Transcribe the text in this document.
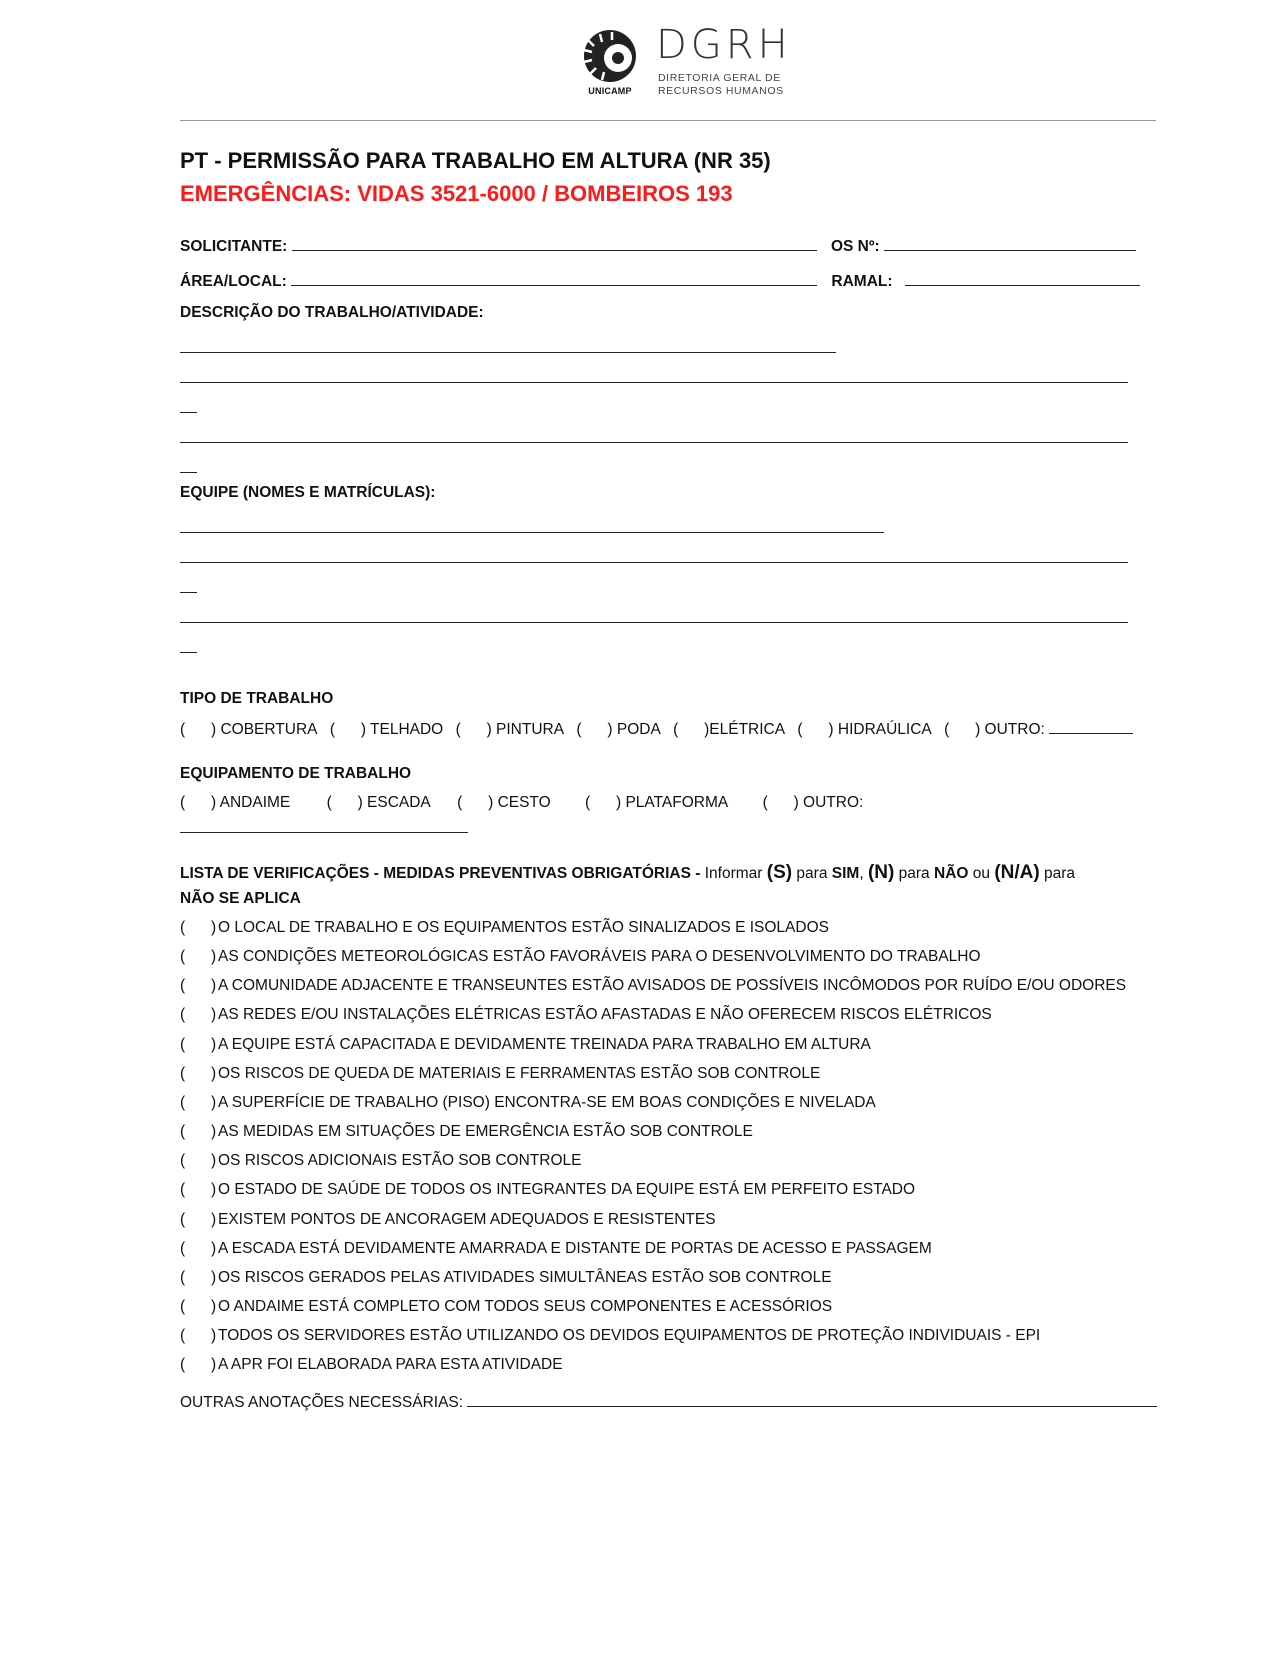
UNICAMP
DGRH
DIRETORIA GERAL DE
RECURSOS HUMANOS
PT - PERMISSÃO PARA TRABALHO EM ALTURA (NR 35)
EMERGÊNCIAS: VIDAS 3521-6000 / BOMBEIROS 193
SOLICITANTE:	OS Nº:
ÁREA/LOCAL:	RAMAL:
DESCRIÇÃO DO TRABALHO/ATIVIDADE:
EQUIPE (NOMES E MATRÍCULAS):
TIPO DE TRABALHO
(      ) COBERTURA (      ) TELHADO (      ) PINTURA (      ) PODA (      )ELÉTRICA (      ) HIDRAÚLICA (      ) OUTRO:
EQUIPAMENTO DE TRABALHO
(      ) ANDAIME (      ) ESCADA (      ) CESTO (      ) PLATAFORMA (      ) OUTRO:
LISTA DE VERIFICAÇÕES - MEDIDAS PREVENTIVAS OBRIGATÓRIAS - Informar (S) para SIM, (N) para NÃO ou (N/A) para
NÃO SE APLICA
(      ) O LOCAL DE TRABALHO E OS EQUIPAMENTOS ESTÃO SINALIZADOS E ISOLADOS
(      ) AS CONDIÇÕES METEOROLÓGICAS ESTÃO FAVORÁVEIS PARA O DESENVOLVIMENTO DO TRABALHO
(      ) A COMUNIDADE ADJACENTE E TRANSEUNTES ESTÃO AVISADOS DE POSSÍVEIS INCÔMODOS POR RUÍDO E/OU ODORES
(      ) AS REDES E/OU INSTALAÇÕES ELÉTRICAS ESTÃO AFASTADAS E NÃO OFERECEM RISCOS ELÉTRICOS
(      ) A EQUIPE ESTÁ CAPACITADA E DEVIDAMENTE TREINADA PARA TRABALHO EM ALTURA
(      ) OS RISCOS DE QUEDA DE MATERIAIS E FERRAMENTAS ESTÃO SOB CONTROLE
(      ) A SUPERFÍCIE DE TRABALHO (PISO) ENCONTRA-SE EM BOAS CONDIÇÕES E NIVELADA
(      ) AS MEDIDAS EM SITUAÇÕES DE EMERGÊNCIA ESTÃO SOB CONTROLE
(      ) OS RISCOS ADICIONAIS ESTÃO SOB CONTROLE
(      ) O ESTADO DE SAÚDE DE TODOS OS INTEGRANTES DA EQUIPE ESTÁ EM PERFEITO ESTADO
(      ) EXISTEM PONTOS DE ANCORAGEM ADEQUADOS E RESISTENTES
(      ) A ESCADA ESTÁ DEVIDAMENTE AMARRADA E DISTANTE DE PORTAS DE ACESSO E PASSAGEM
(      ) OS RISCOS GERADOS PELAS ATIVIDADES SIMULTÂNEAS ESTÃO SOB CONTROLE
(      ) O ANDAIME ESTÁ COMPLETO COM TODOS SEUS COMPONENTES E ACESSÓRIOS
(      ) TODOS OS SERVIDORES ESTÃO UTILIZANDO OS DEVIDOS EQUIPAMENTOS DE PROTEÇÃO INDIVIDUAIS - EPI
(      ) A APR FOI ELABORADA PARA ESTA ATIVIDADE
OUTRAS ANOTAÇÕES NECESSÁRIAS:
